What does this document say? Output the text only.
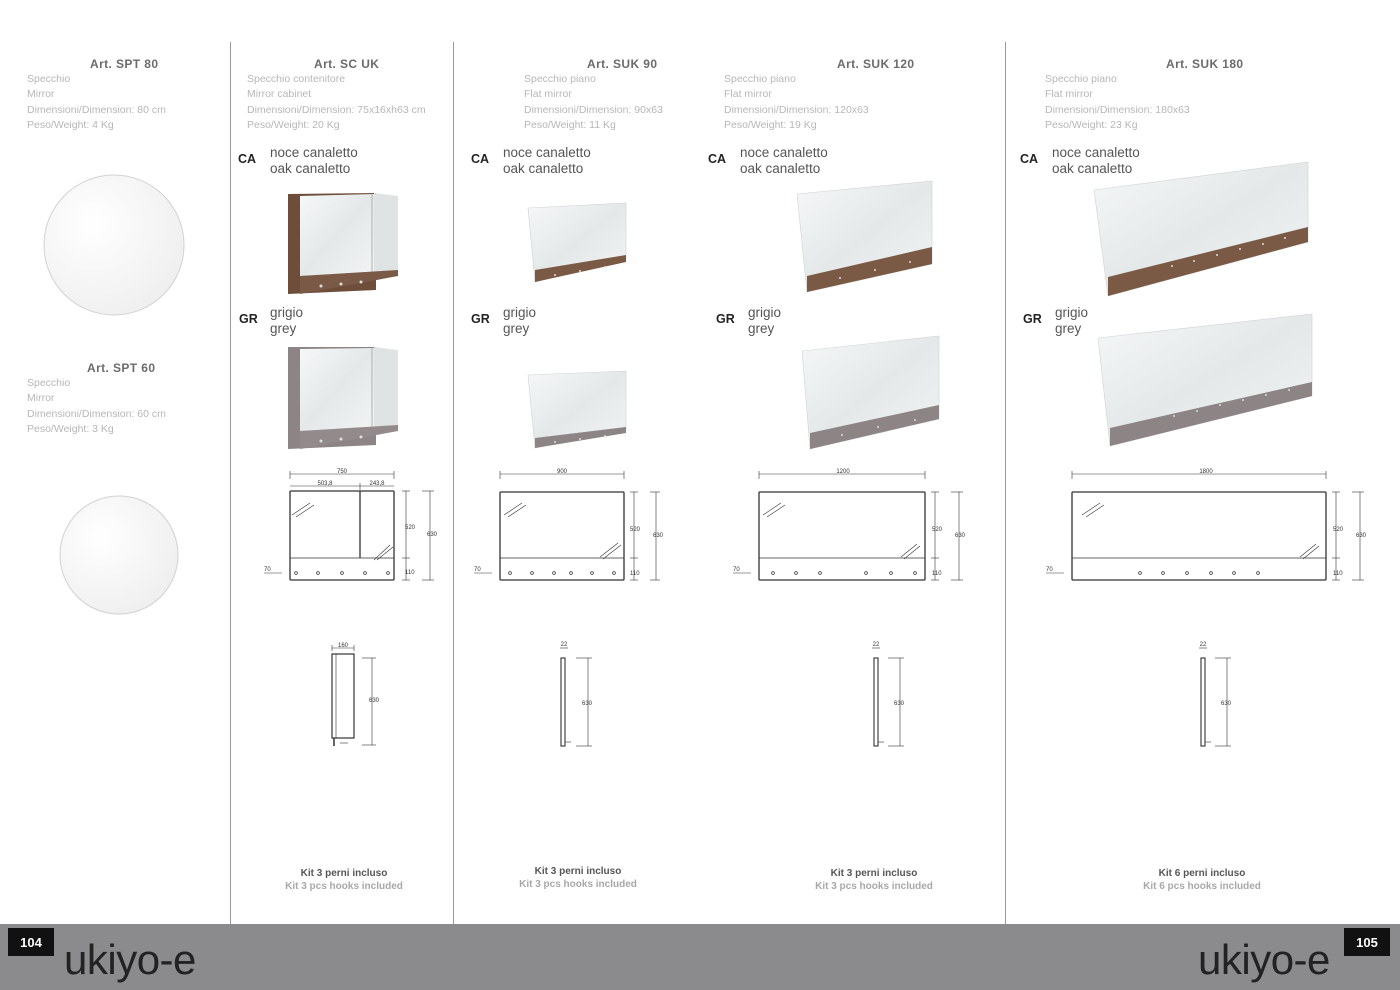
Art. SPT 80
Specchio
Mirror
Dimensioni/Dimension: 80 cm
Peso/Weight: 4 Kg
Art. SPT 60
Specchio
Mirror
Dimensioni/Dimension: 60 cm
Peso/Weight: 3 Kg
Art. SC UK
Specchio contenitore
Mirror cabinet
Dimensioni/Dimension: 75x16xh63 cm
Peso/Weight: 20 Kg
CA noce canaletto
oak canaletto
GR grigio
grey
750
503,8	243,8
520
630
110
70
160
630
Kit 3 perni incluso
Kit 3 pcs hooks included
Art. SUK 90
Specchio piano
Flat mirror
Dimensioni/Dimension: 90x63
Peso/Weight: 11 Kg
CA noce canaletto
oak canaletto
GR grigio
grey
900
520
630
110
70
22
630
Kit 3 perni incluso
Kit 3 pcs hooks included
Art. SUK 120
Specchio piano
Flat mirror
Dimensioni/Dimension: 120x63
Peso/Weight: 19 Kg
CA noce canaletto
oak canaletto
GR grigio
grey
1200
520
630
110
70
22
630
Kit 3 perni incluso
Kit 3 pcs hooks included
Art. SUK 180
Specchio piano
Flat mirror
Dimensioni/Dimension: 180x63
Peso/Weight: 23 Kg
CA noce canaletto
oak canaletto
GR grigio
grey
1800
520
630
110
70
22
630
Kit 6 perni incluso
Kit 6 pcs hooks included
104 ukiyo-e	ukiyo-e	105
